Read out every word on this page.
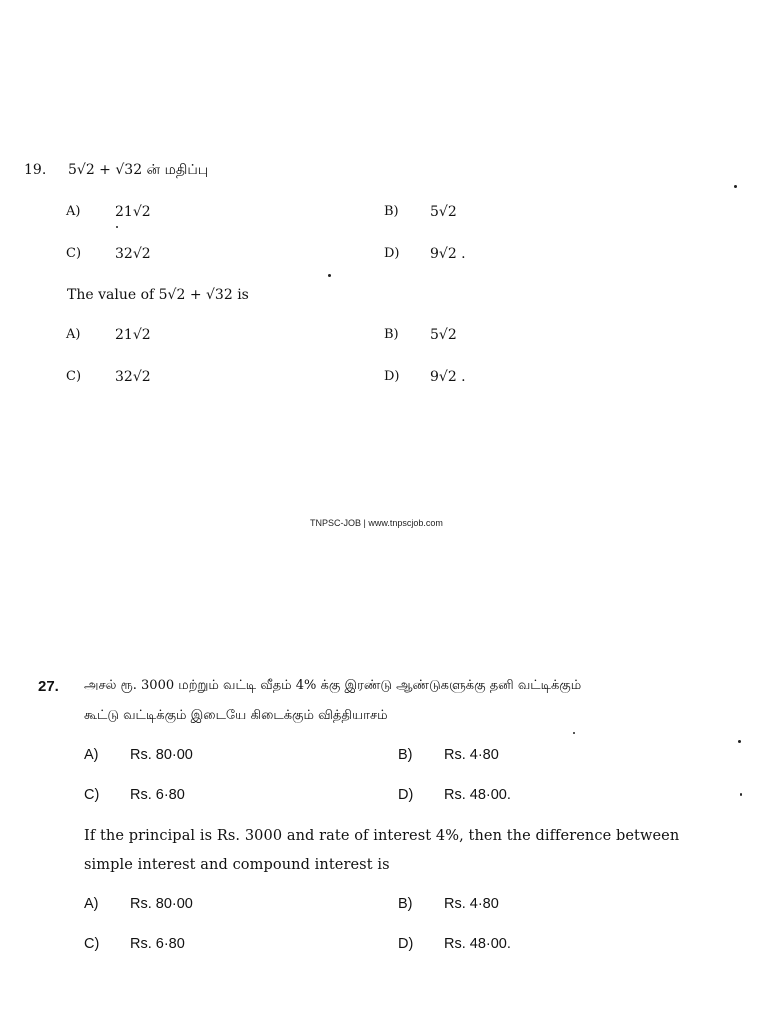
19. 5√2 + √32 ன் மதிப்பு
A) 21√2	B) 5√2
C) 32√2	D) 9√2 .
The value of 5√2 + √32 is
A) 21√2	B) 5√2
C) 32√2	D) 9√2 .
TNPSC-JOB | www.tnpscjob.com
27. அசல் ரூ. 3000 மற்றும் வட்டி வீதம் 4% க்கு இரண்டு ஆண்டுகளுக்கு தனி வட்டிக்கும்
கூட்டு வட்டிக்கும் இடையே கிடைக்கும் வித்தியாசம்
A) Rs. 80·00	B) Rs. 4·80
C) Rs. 6·80	D) Rs. 48·00.
If the principal is Rs. 3000 and rate of interest 4%, then the difference between
simple interest and compound interest is
A) Rs. 80·00	B) Rs. 4·80
C) Rs. 6·80	D) Rs. 48·00.
